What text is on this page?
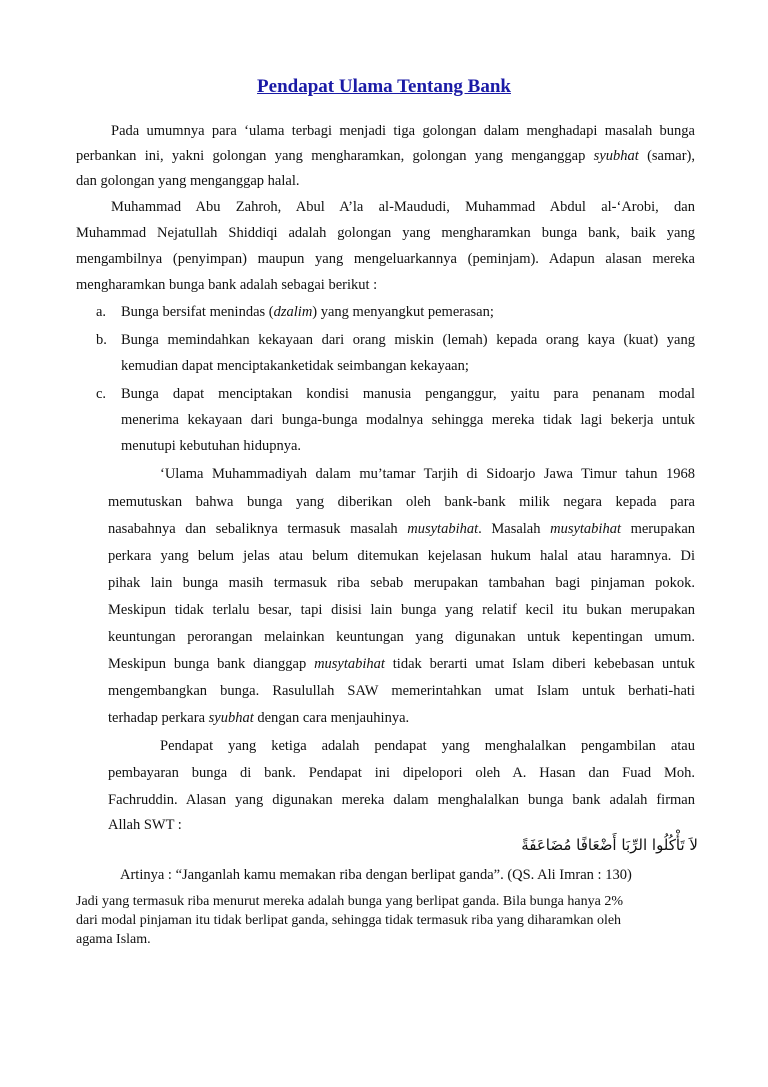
Pendapat Ulama Tentang Bank
Pada umumnya para ‘ulama terbagi menjadi tiga golongan dalam menghadapi masalah bunga
perbankan ini, yakni golongan yang mengharamkan, golongan yang menganggap syubhat (samar),
dan golongan yang menganggap halal.
Muhammad Abu Zahroh, Abul A’la al-Maududi, Muhammad Abdul al-‘Arobi, dan
Muhammad Nejatullah Shiddiqi adalah golongan yang mengharamkan bunga bank, baik yang
mengambilnya (penyimpan) maupun yang mengeluarkannya (peminjam). Adapun alasan mereka
mengharamkan bunga bank adalah sebagai berikut :
a. Bunga bersifat menindas (dzalim) yang menyangkut pemerasan;
b. Bunga memindahkan kekayaan dari orang miskin (lemah) kepada orang kaya (kuat) yang
kemudian dapat menciptakanketidak seimbangan kekayaan;
c. Bunga dapat menciptakan kondisi manusia penganggur, yaitu para penanam modal
menerima kekayaan dari bunga-bunga modalnya sehingga mereka tidak lagi bekerja untuk
menutupi kebutuhan hidupnya.
‘Ulama Muhammadiyah dalam mu’tamar Tarjih di Sidoarjo Jawa Timur tahun 1968
memutuskan bahwa bunga yang diberikan oleh bank-bank milik negara kepada para
nasabahnya dan sebaliknya termasuk masalah musytabihat. Masalah musytabihat merupakan
perkara yang belum jelas atau belum ditemukan kejelasan hukum halal atau haramnya. Di
pihak lain bunga masih termasuk riba sebab merupakan tambahan bagi pinjaman pokok.
Meskipun tidak terlalu besar, tapi disisi lain bunga yang relatif kecil itu bukan merupakan
keuntungan perorangan melainkan keuntungan yang digunakan untuk kepentingan umum.
Meskipun bunga bank dianggap musytabihat tidak berarti umat Islam diberi kebebasan untuk
mengembangkan bunga. Rasulullah SAW memerintahkan umat Islam untuk berhati-hati
terhadap perkara syubhat dengan cara menjauhinya.
Pendapat yang ketiga adalah pendapat yang menghalalkan pengambilan atau
pembayaran bunga di bank. Pendapat ini dipelopori oleh A. Hasan dan Fuad Moh.
Fachruddin. Alasan yang digunakan mereka dalam menghalalkan bunga bank adalah firman
Allah SWT :
لاَ تَأْكُلُوا الرِّبَا أَضْعَافًا مُضَاعَفَةً
Artinya : “Janganlah kamu memakan riba dengan berlipat ganda”. (QS. Ali Imran : 130)
Jadi yang termasuk riba menurut mereka adalah bunga yang berlipat ganda. Bila bunga hanya 2%
dari modal pinjaman itu tidak berlipat ganda, sehingga tidak termasuk riba yang diharamkan oleh
agama Islam.
